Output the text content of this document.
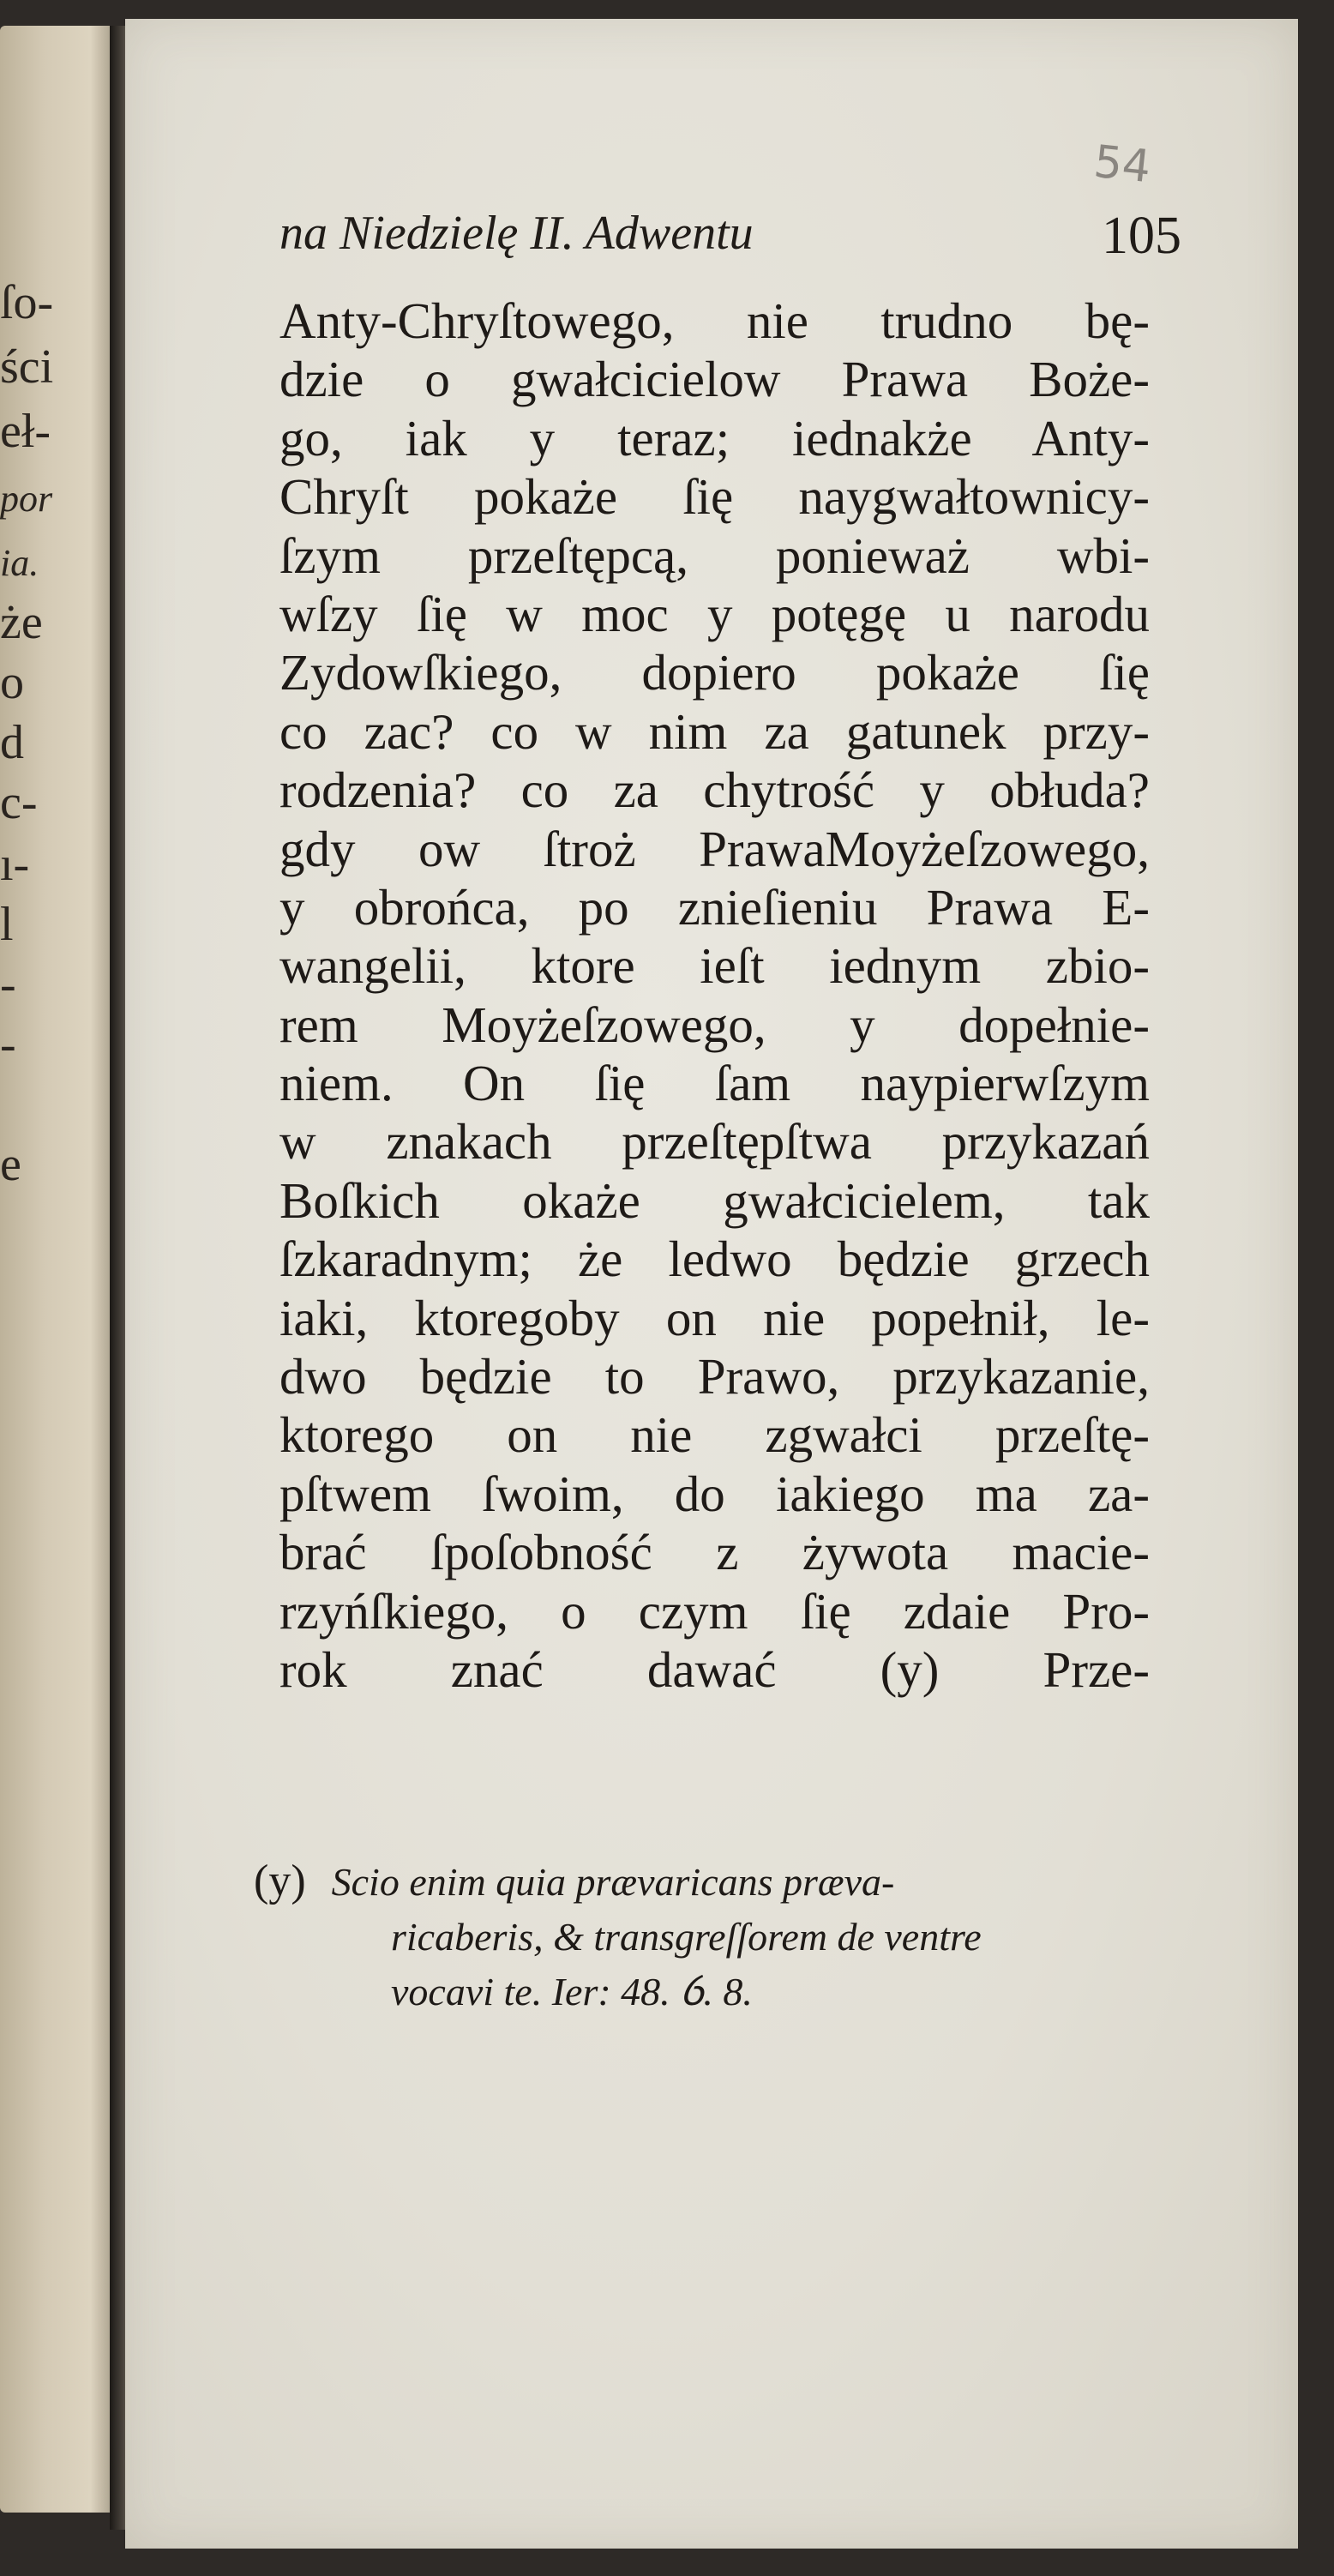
ſo-
ści
eł-
por
ia.
że
o
d
c-
ı-
l
-
-
e
54
na Niedzielę II. Adwentu	105
Anty-Chryſtowego, nie trudno bę-
dzie o gwałcicielow Prawa Boże-
go, iak y teraz; iednakże Anty-
Chryſt pokaże ſię naygwałtownicy-
ſzym przeſtępcą, ponieważ wbi-
wſzy ſię w moc y potęgę u narodu
Zydowſkiego, dopiero pokaże ſię
co zac? co w nim za gatunek przy-
rodzenia? co za chytrość y obłuda?
gdy ow ſtroż PrawaMoyżeſzowego,
y obrońca, po znieſieniu Prawa E-
wangelii, ktore ieſt iednym zbio-
rem Moyżeſzowego, y dopełnie-
niem. On ſię ſam naypierwſzym
w znakach przeſtępſtwa przykazań
Boſkich okaże gwałcicielem, tak
ſzkaradnym; że ledwo będzie grzech
iaki, ktoregoby on nie popełnił, le-
dwo będzie to Prawo, przykazanie,
ktorego on nie zgwałci przeſtę-
pſtwem ſwoim, do iakiego ma za-
brać ſpoſobność z żywota macie-
rzyńſkiego, o czym ſię zdaie Pro-
rok znać dawać (y) Prze-
(y) Scio enim quia prævaricans præva-
ricaberis, & transgreſſorem de ventre
vocavi te. Ier: 48. ỽ. 8.
